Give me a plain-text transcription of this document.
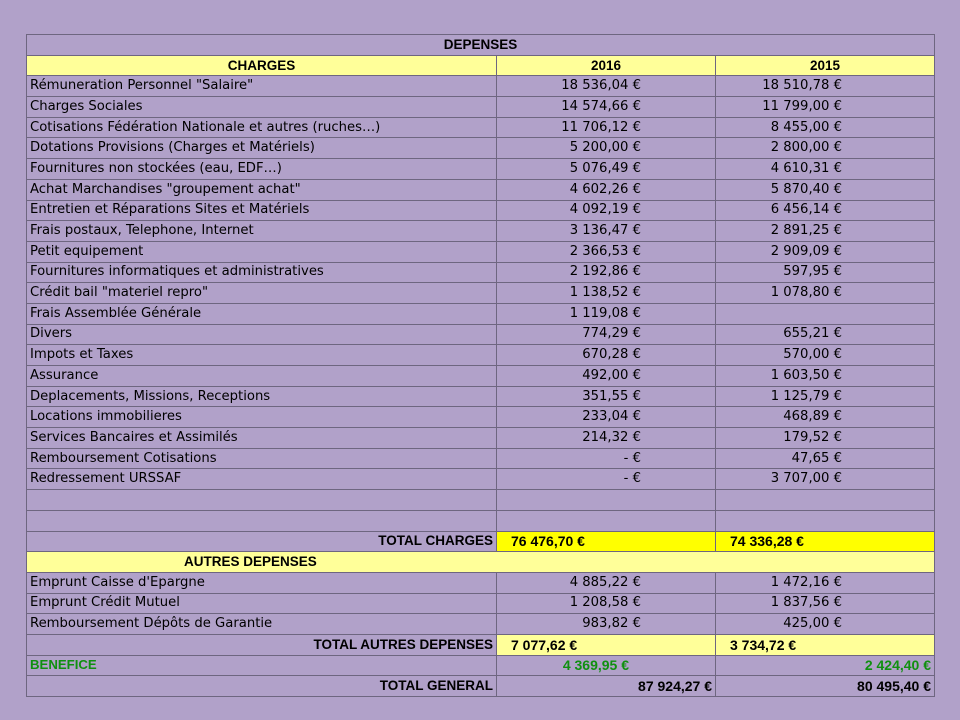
DEPENSES		
CHARGES	2016	2015
Rémuneration Personnel "Salaire"	18 536,04 €	18 510,78 €
Charges Sociales	14 574,66 €	11 799,00 €
Cotisations Fédération Nationale et autres (ruches…)	11 706,12 €	8 455,00 €
Dotations Provisions (Charges et Matériels)	5 200,00 €	2 800,00 €
Fournitures non stockées (eau, EDF…)	5 076,49 €	4 610,31 €
Achat Marchandises "groupement achat"	4 602,26 €	5 870,40 €
Entretien et Réparations Sites et Matériels	4 092,19 €	6 456,14 €
Frais postaux, Telephone, Internet	3 136,47 €	2 891,25 €
Petit equipement	2 366,53 €	2 909,09 €
Fournitures informatiques et administratives	2 192,86 €	597,95 €
Crédit bail "materiel repro"	1 138,52 €	1 078,80 €
Frais Assemblée Générale	1 119,08 €	
Divers	774,29 €	655,21 €
Impots et Taxes	670,28 €	570,00 €
Assurance	492,00 €	1 603,50 €
Deplacements, Missions, Receptions	351,55 €	1 125,79 €
Locations immobilieres	233,04 €	468,89 €
Services Bancaires et Assimilés	214,32 €	179,52 €
Remboursement Cotisations	- €	47,65 €
Redressement URSSAF	- €	3 707,00 €

TOTAL CHARGES	76 476,70 €	74 336,28 €
AUTRES DEPENSES		
Emprunt Caisse d'Epargne	4 885,22 €	1 472,16 €
Emprunt Crédit Mutuel	1 208,58 €	1 837,56 €
Remboursement Dépôts de Garantie	983,82 €	425,00 €
TOTAL AUTRES DEPENSES	7 077,62 €	3 734,72 €
BENEFICE	4 369,95 €	2 424,40 €
TOTAL GENERAL	87 924,27 €	80 495,40 €
